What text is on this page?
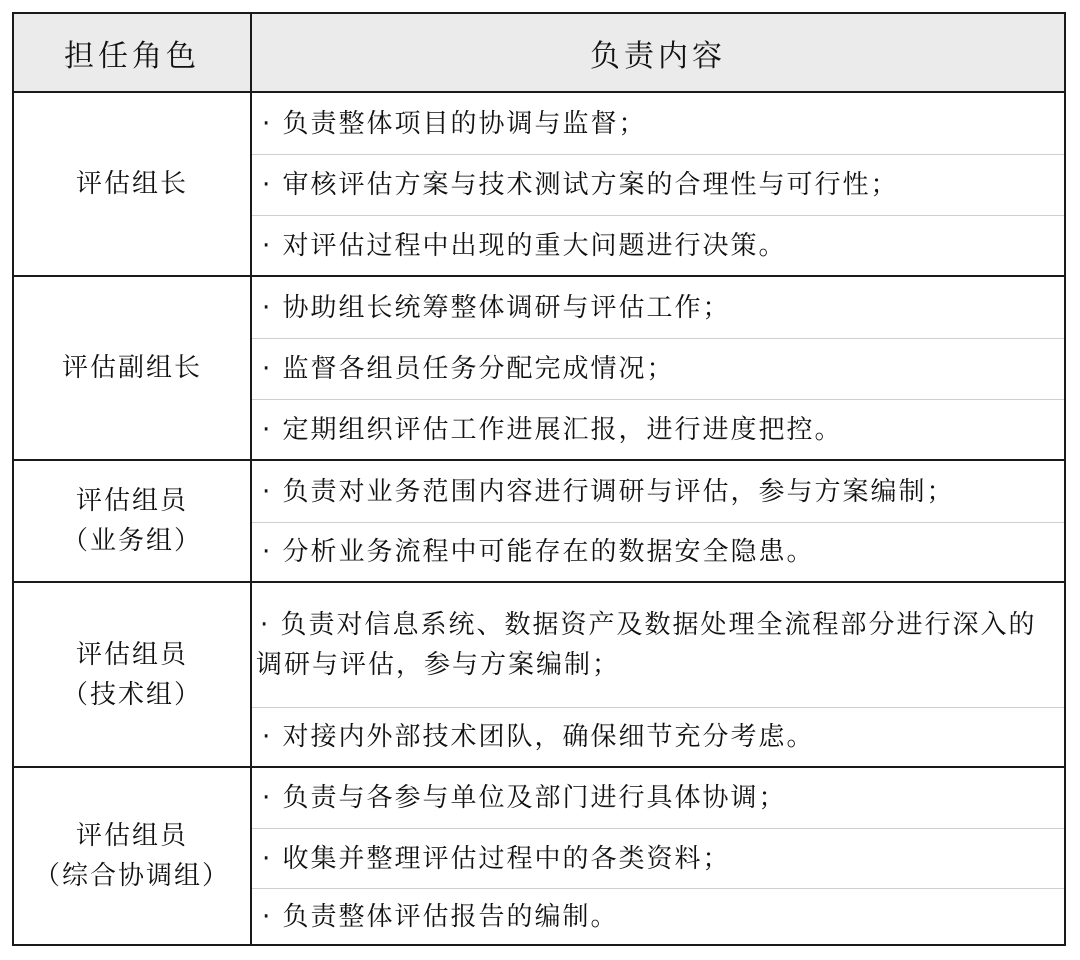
担任角色	负责内容
评估组长
· 负责整体项目的协调与监督；
· 审核评估方案与技术测试方案的合理性与可行性；
· 对评估过程中出现的重大问题进行决策。
评估副组长
· 协助组长统筹整体调研与评估工作；
· 监督各组员任务分配完成情况；
· 定期组织评估工作进展汇报，进行进度把控。
评估组员
（业务组）
· 负责对业务范围内容进行调研与评估，参与方案编制；
· 分析业务流程中可能存在的数据安全隐患。
评估组员
（技术组）
· 负责对信息系统、数据资产及数据处理全流程部分进行深入的调研与评估，参与方案编制；
· 对接内外部技术团队，确保细节充分考虑。
评估组员
（综合协调组）
· 负责与各参与单位及部门进行具体协调；
· 收集并整理评估过程中的各类资料；
· 负责整体评估报告的编制。
